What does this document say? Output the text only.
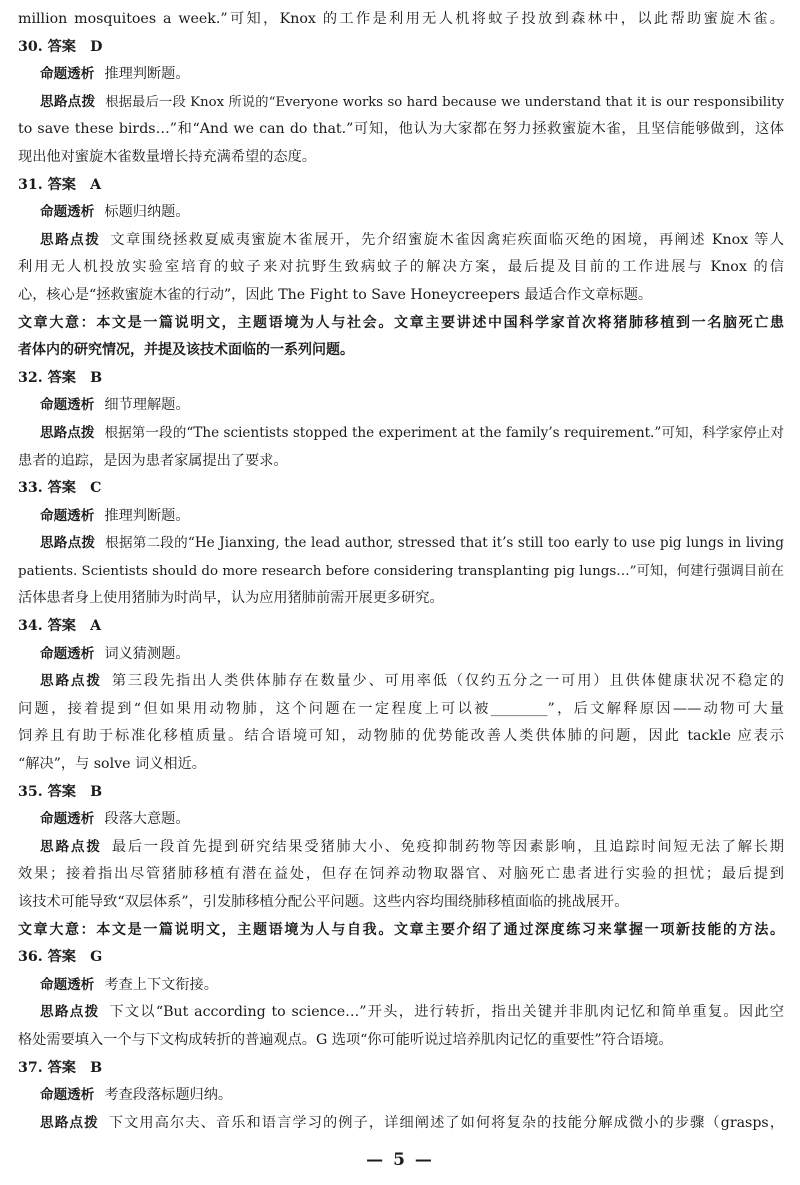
million mosquitoes a week.”可知，Knox 的工作是利用无人机将蚊子投放到森林中，以此帮助蜜旋木雀。

30. 答案　D

命题透析 推理判断题。

思路点拨 根据最后一段 Knox 所说的“Everyone works so hard because we understand that it is our responsibility

to save these birds…”和“And we can do that.”可知，他认为大家都在努力拯救蜜旋木雀，且坚信能够做到，这体

现出他对蜜旋木雀数量增长持充满希望的态度。

31. 答案　A

命题透析 标题归纳题。

思路点拨 文章围绕拯救夏威夷蜜旋木雀展开，先介绍蜜旋木雀因禽疟疾面临灭绝的困境，再阐述 Knox 等人

利用无人机投放实验室培育的蚊子来对抗野生致病蚊子的解决方案，最后提及目前的工作进展与 Knox 的信

心，核心是“拯救蜜旋木雀的行动”，因此 The Fight to Save Honeycreepers 最适合作文章标题。

文章大意：本文是一篇说明文，主题语境为人与社会。文章主要讲述中国科学家首次将猪肺移植到一名脑死亡患

者体内的研究情况，并提及该技术面临的一系列问题。

32. 答案　B

命题透析 细节理解题。

思路点拨 根据第一段的“The scientists stopped the experiment at the family’s requirement.”可知，科学家停止对

患者的追踪，是因为患者家属提出了要求。

33. 答案　C

命题透析 推理判断题。

思路点拨 根据第二段的“He Jianxing, the lead author, stressed that it’s still too early to use pig lungs in living

patients. Scientists should do more research before considering transplanting pig lungs…”可知，何建行强调目前在

活体患者身上使用猪肺为时尚早，认为应用猪肺前需开展更多研究。

34. 答案　A

命题透析 词义猜测题。

思路点拨 第三段先指出人类供体肺存在数量少、可用率低（仅约五分之一可用）且供体健康状况不稳定的

问题，接着提到“但如果用动物肺，这个问题在一定程度上可以被________”，后文解释原因——动物可大量

饲养且有助于标准化移植质量。结合语境可知，动物肺的优势能改善人类供体肺的问题，因此 tackle 应表示

“解决”，与 solve 词义相近。

35. 答案　B

命题透析 段落大意题。

思路点拨 最后一段首先提到研究结果受猪肺大小、免疫抑制药物等因素影响，且追踪时间短无法了解长期

效果；接着指出尽管猪肺移植有潜在益处，但存在饲养动物取器官、对脑死亡患者进行实验的担忧；最后提到

该技术可能导致“双层体系”，引发肺移植分配公平问题。这些内容均围绕肺移植面临的挑战展开。

文章大意：本文是一篇说明文，主题语境为人与自我。文章主要介绍了通过深度练习来掌握一项新技能的方法。

36. 答案　G

命题透析 考查上下文衔接。

思路点拨 下文以“But according to science…”开头，进行转折，指出关键并非肌肉记忆和简单重复。因此空

格处需要填入一个与下文构成转折的普遍观点。G 选项“你可能听说过培养肌肉记忆的重要性”符合语境。

37. 答案　B

命题透析 考查段落标题归纳。

思路点拨 下文用高尔夫、音乐和语言学习的例子，详细阐述了如何将复杂的技能分解成微小的步骤（grasps，

— 5 —
